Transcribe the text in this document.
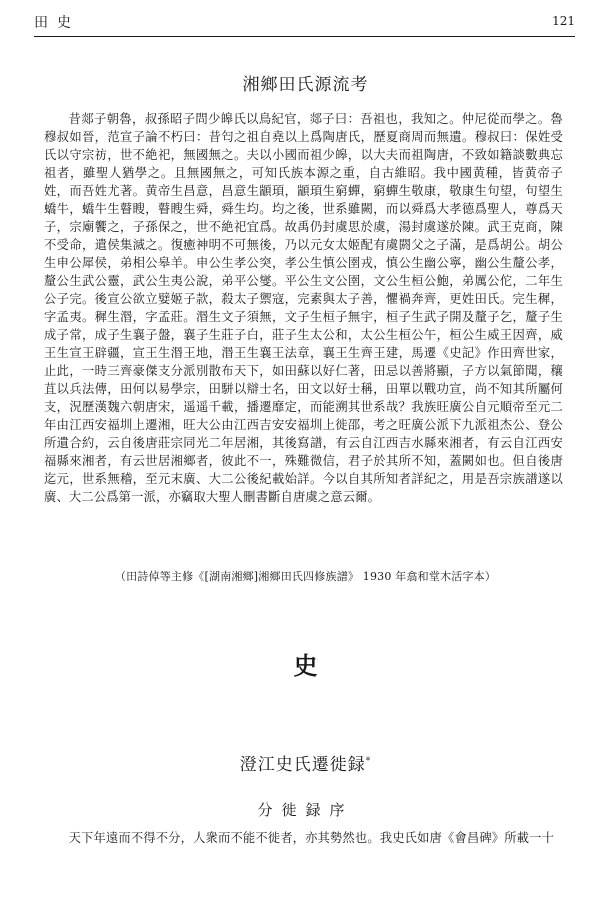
田史	121
湘鄉田氏源流考

昔郯子朝魯，叔孫昭子問少皞氏以鳥紀官，郯子曰：吾祖也，我知之。仲尼從而學之。魯穆叔如晉，范宣子論不朽曰：昔匄之祖自堯以上爲陶唐氏，歷夏商周而無遺。穆叔曰：保姓受氏以守宗祊，世不絶祀，無國無之。夫以小國而祖少皞，以大夫而祖陶唐，不致如籍談數典忘祖者，雖聖人猶學之。且無國無之，可知氏族本源之重，自古維昭。我中國黄種，皆黄帝子姓，而吾姓尤著。黄帝生昌意，昌意生顓頊，顓頊生窮蟬，窮蟬生敬康，敬康生句望，句望生蟜牛，蟜牛生瞽瞍，瞽瞍生舜，舜生均。均之後，世系雖闕，而以舜爲大孝德爲聖人，尊爲天子，宗廟饗之，子孫保之，世不絶祀宜爲。故禹仍封虞思於虞，湯封虞遂於陳。武王克商，陳不受命，遣侯集滅之。復癒神明不可無後，乃以元女太姬配有虞閼父之子滿，是爲胡公。胡公生申公犀侯，弟相公皋羊。申公生孝公突，孝公生慎公圉戎，慎公生幽公寧，幽公生釐公孝，釐公生武公靈，武公生夷公說，弟平公燮。平公生文公圉，文公生桓公鮑，弟厲公佗，二年生公子完。後宣公欲立嬖姬子款，殺太子禦寇，完素與太子善，懼禍奔齊，更姓田氏。完生穉，字孟夷。穉生湣，字孟莊。湣生文子須無，文子生桓子無宇，桓子生武子開及釐子乞，釐子生成子常，成子生襄子盤，襄子生莊子白，莊子生太公和，太公生桓公午，桓公生威王因齊，威王生宣王辟疆，宣王生湣王地，湣王生襄王法章，襄王生齊王建，馬遷《史記》作田齊世家，止此，一時三齊豪傑支分派別散布天下，如田蘇以好仁著，田忌以善將顯，子方以氣節聞，穰苴以兵法傳，田何以易學宗，田駢以辯士名，田文以好士稱，田單以戰功宣，尚不知其所屬何支，況歷漢魏六朝唐宋，遥遥千載，播遷靡定，而能溯其世系哉？我族旺廣公自元順帝至元二年由江西安福圳上遷湘，旺大公由江西吉安安福圳上徙邵，考之旺廣公派下九派祖杰公、登公所遺合約，云自後唐莊宗同光二年居湘，其後寫譜，有云自江西吉水縣來湘者，有云自江西安福縣來湘者，有云世居湘鄉者，彼此不一，殊難微信，君子於其所不知，蓋闕如也。但自後唐迄元，世系無稽，至元末廣、大二公後紀載始詳。今以自其所知者詳紀之，用是吾宗族譜遂以廣、大二公爲第一派，亦竊取大聖人刪書斷自唐虞之意云爾。

（田詩倬等主修《[湖南湘鄉]湘鄉田氏四修族譜》 1930 年翕和堂木活字本）
史
澄江史氏遷徙録*
分徙録序

天下年遠而不得不分，人衆而不能不徙者，亦其勢然也。我史氏如唐《會昌碑》所載一十
